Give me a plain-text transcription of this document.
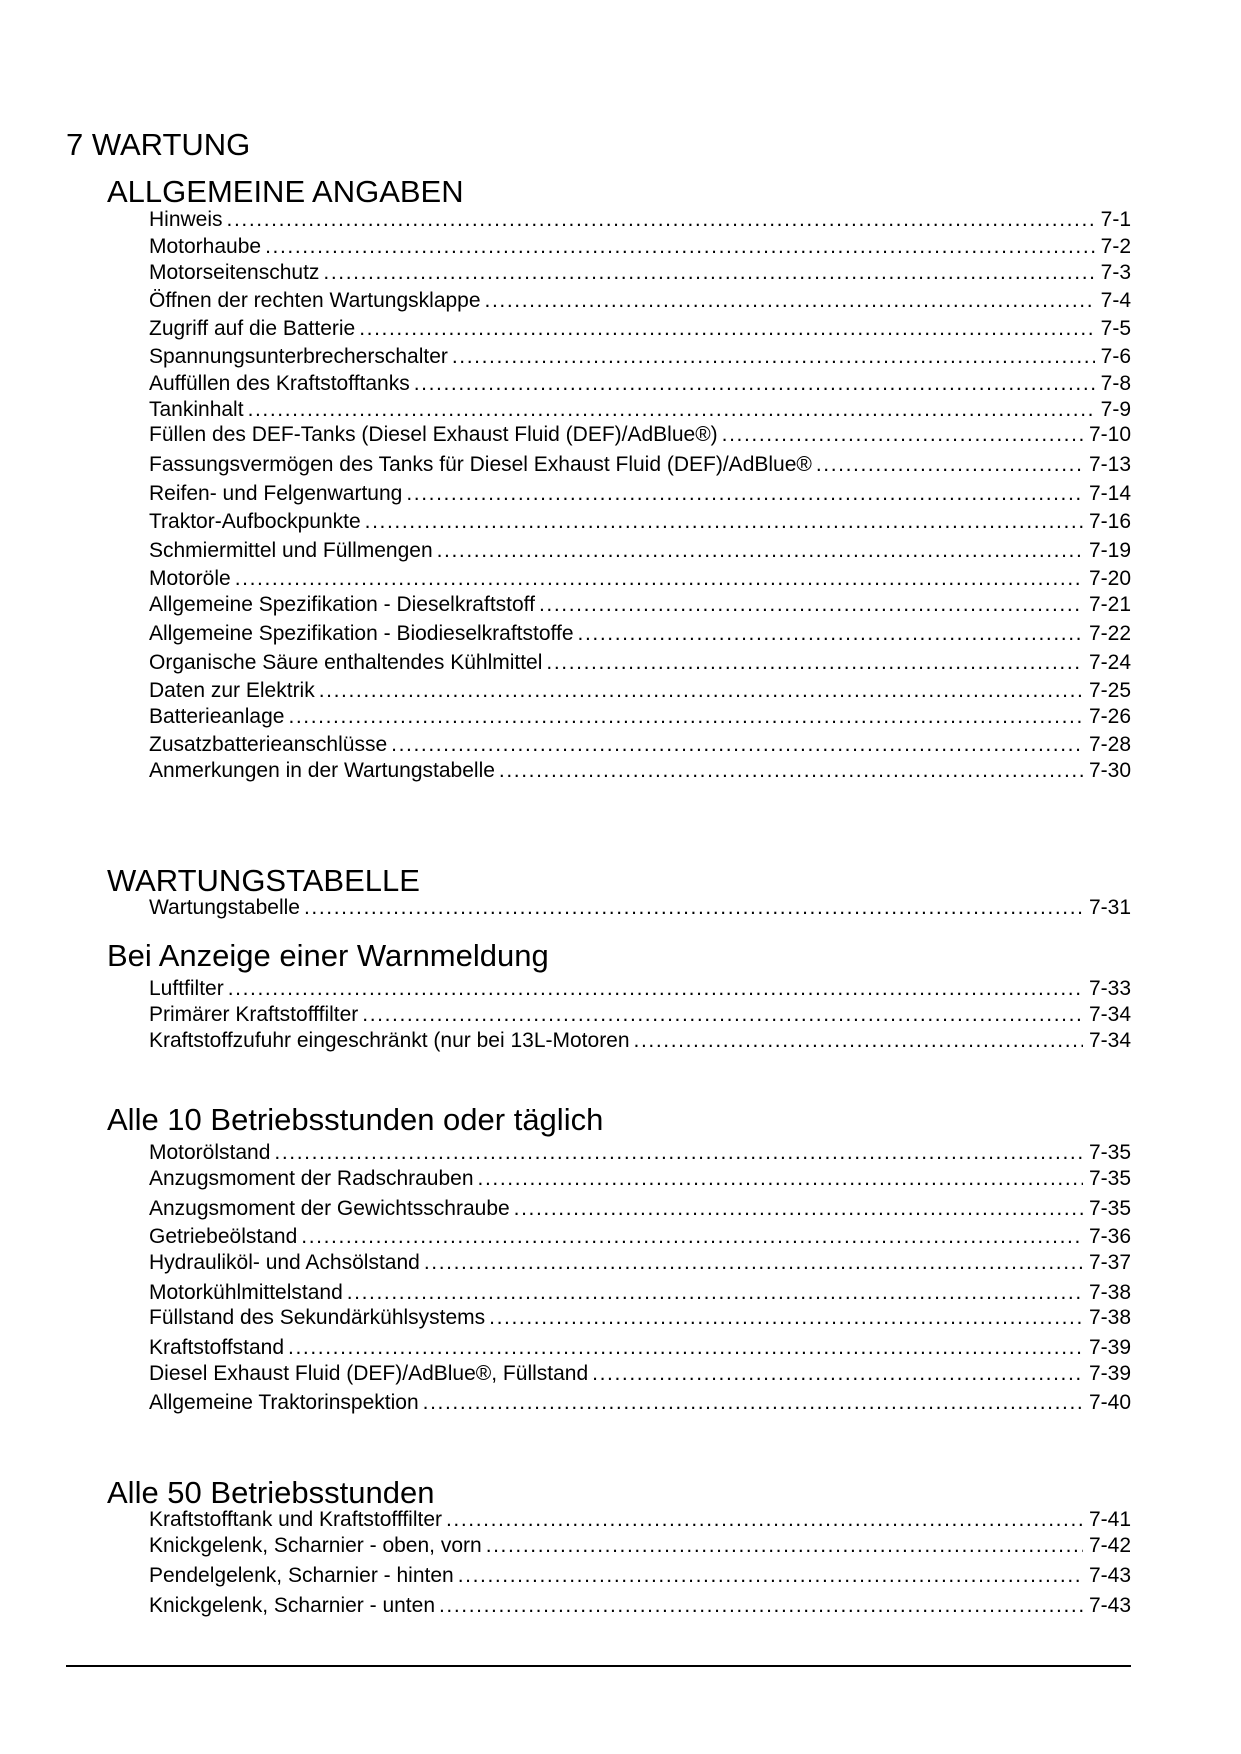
7 WARTUNG
ALLGEMEINE ANGABEN
Hinweis .....	7-1
Motorhaube .....	7-2
Motorseitenschutz .....	7-3
Öffnen der rechten Wartungsklappe .....	7-4
Zugriff auf die Batterie .....	7-5
Spannungsunterbrecherschalter .....	7-6
Auffüllen des Kraftstofftanks .....	7-8
Tankinhalt .....	7-9
Füllen des DEF-Tanks (Diesel Exhaust Fluid (DEF)/AdBlue®) .....	7-10
Fassungsvermögen des Tanks für Diesel Exhaust Fluid (DEF)/AdBlue® .....	7-13
Reifen- und Felgenwartung .....	7-14
Traktor-Aufbockpunkte .....	7-16
Schmiermittel und Füllmengen .....	7-19
Motoröle .....	7-20
Allgemeine Spezifikation - Dieselkraftstoff .....	7-21
Allgemeine Spezifikation - Biodieselkraftstoffe .....	7-22
Organische Säure enthaltendes Kühlmittel .....	7-24
Daten zur Elektrik .....	7-25
Batterieanlage .....	7-26
Zusatzbatterieanschlüsse .....	7-28
Anmerkungen in der Wartungstabelle .....	7-30
WARTUNGSTABELLE
Wartungstabelle .....	7-31
Bei Anzeige einer Warnmeldung
Luftfilter .....	7-33
Primärer Kraftstofffilter .....	7-34
Kraftstoffzufuhr eingeschränkt (nur bei 13L-Motoren .....	7-34
Alle 10 Betriebsstunden oder täglich
Motorölstand .....	7-35
Anzugsmoment der Radschrauben .....	7-35
Anzugsmoment der Gewichtsschraube .....	7-35
Getriebeölstand .....	7-36
Hydrauliköl- und Achsölstand .....	7-37
Motorkühlmittelstand .....	7-38
Füllstand des Sekundärkühlsystems .....	7-38
Kraftstoffstand .....	7-39
Diesel Exhaust Fluid (DEF)/AdBlue®, Füllstand .....	7-39
Allgemeine Traktorinspektion .....	7-40
Alle 50 Betriebsstunden
Kraftstofftank und Kraftstofffilter .....	7-41
Knickgelenk, Scharnier - oben, vorn .....	7-42
Pendelgelenk, Scharnier - hinten .....	7-43
Knickgelenk, Scharnier - unten .....	7-43
